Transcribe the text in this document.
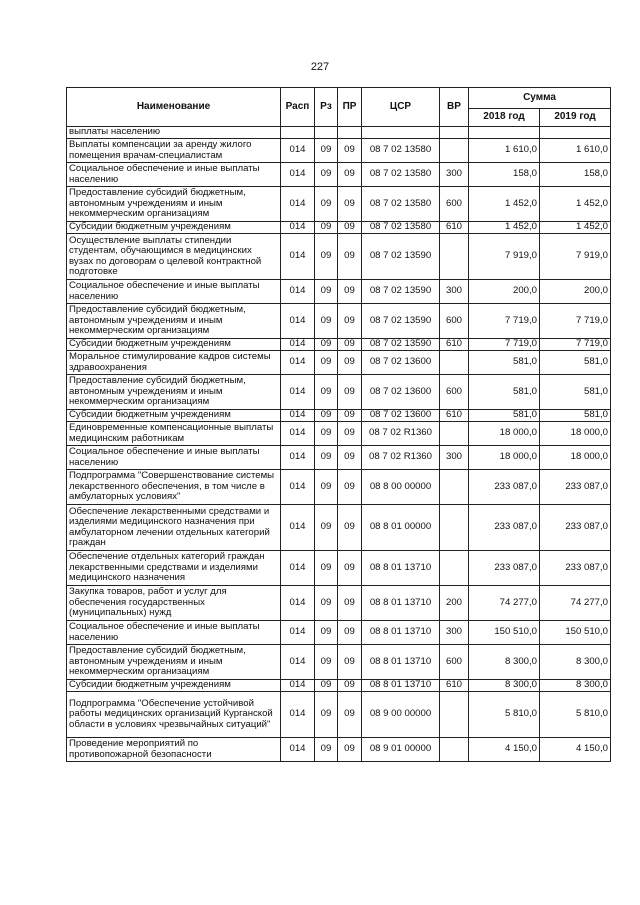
227
Наименование	Расп	Рз	ПР	ЦСР	ВР	Сумма	
						2018 год	2019 год
выплаты населению							
Выплаты компенсации за аренду жилого помещения врачам-специалистам	014	09	09	08 7 02 13580		1 610,0	1 610,0
Социальное обеспечение и иные выплаты населению	014	09	09	08 7 02 13580	300	158,0	158,0
Предоставление субсидий бюджетным, автономным учреждениям и иным некоммерческим организациям	014	09	09	08 7 02 13580	600	1 452,0	1 452,0
Субсидии бюджетным учреждениям	014	09	09	08 7 02 13580	610	1 452,0	1 452,0
Осуществление выплаты стипендии студентам, обучающимся в медицинских вузах по договорам о целевой контрактной подготовке	014	09	09	08 7 02 13590		7 919,0	7 919,0
Социальное обеспечение и иные выплаты населению	014	09	09	08 7 02 13590	300	200,0	200,0
Предоставление субсидий бюджетным, автономным учреждениям и иным некоммерческим организациям	014	09	09	08 7 02 13590	600	7 719,0	7 719,0
Субсидии бюджетным учреждениям	014	09	09	08 7 02 13590	610	7 719,0	7 719,0
Моральное стимулирование кадров системы здравоохранения	014	09	09	08 7 02 13600		581,0	581,0
Предоставление субсидий бюджетным, автономным учреждениям и иным некоммерческим организациям	014	09	09	08 7 02 13600	600	581,0	581,0
Субсидии бюджетным учреждениям	014	09	09	08 7 02 13600	610	581,0	581,0
Единовременные компенсационные выплаты медицинским работникам	014	09	09	08 7 02 R1360		18 000,0	18 000,0
Социальное обеспечение и иные выплаты населению	014	09	09	08 7 02 R1360	300	18 000,0	18 000,0
Подпрограмма "Совершенствование системы лекарственного обеспечения, в том числе в амбулаторных условиях"	014	09	09	08 8 00 00000		233 087,0	233 087,0
Обеспечение лекарственными средствами и изделиями медицинского назначения при амбулаторном лечении отдельных категорий граждан	014	09	09	08 8 01 00000		233 087,0	233 087,0
Обеспечение отдельных категорий граждан лекарственными средствами и изделиями медицинского назначения	014	09	09	08 8 01 13710		233 087,0	233 087,0
Закупка товаров, работ и услуг для обеспечения государственных (муниципальных) нужд	014	09	09	08 8 01 13710	200	74 277,0	74 277,0
Социальное обеспечение и иные выплаты населению	014	09	09	08 8 01 13710	300	150 510,0	150 510,0
Предоставление субсидий бюджетным, автономным учреждениям и иным некоммерческим организациям	014	09	09	08 8 01 13710	600	8 300,0	8 300,0
Субсидии бюджетным учреждениям	014	09	09	08 8 01 13710	610	8 300,0	8 300,0
Подпрограмма "Обеспечение устойчивой работы медицинских организаций Курганской области в условиях чрезвычайных ситуаций"	014	09	09	08 9 00 00000		5 810,0	5 810,0
Проведение мероприятий по противопожарной безопасности	014	09	09	08 9 01 00000		4 150,0	4 150,0
